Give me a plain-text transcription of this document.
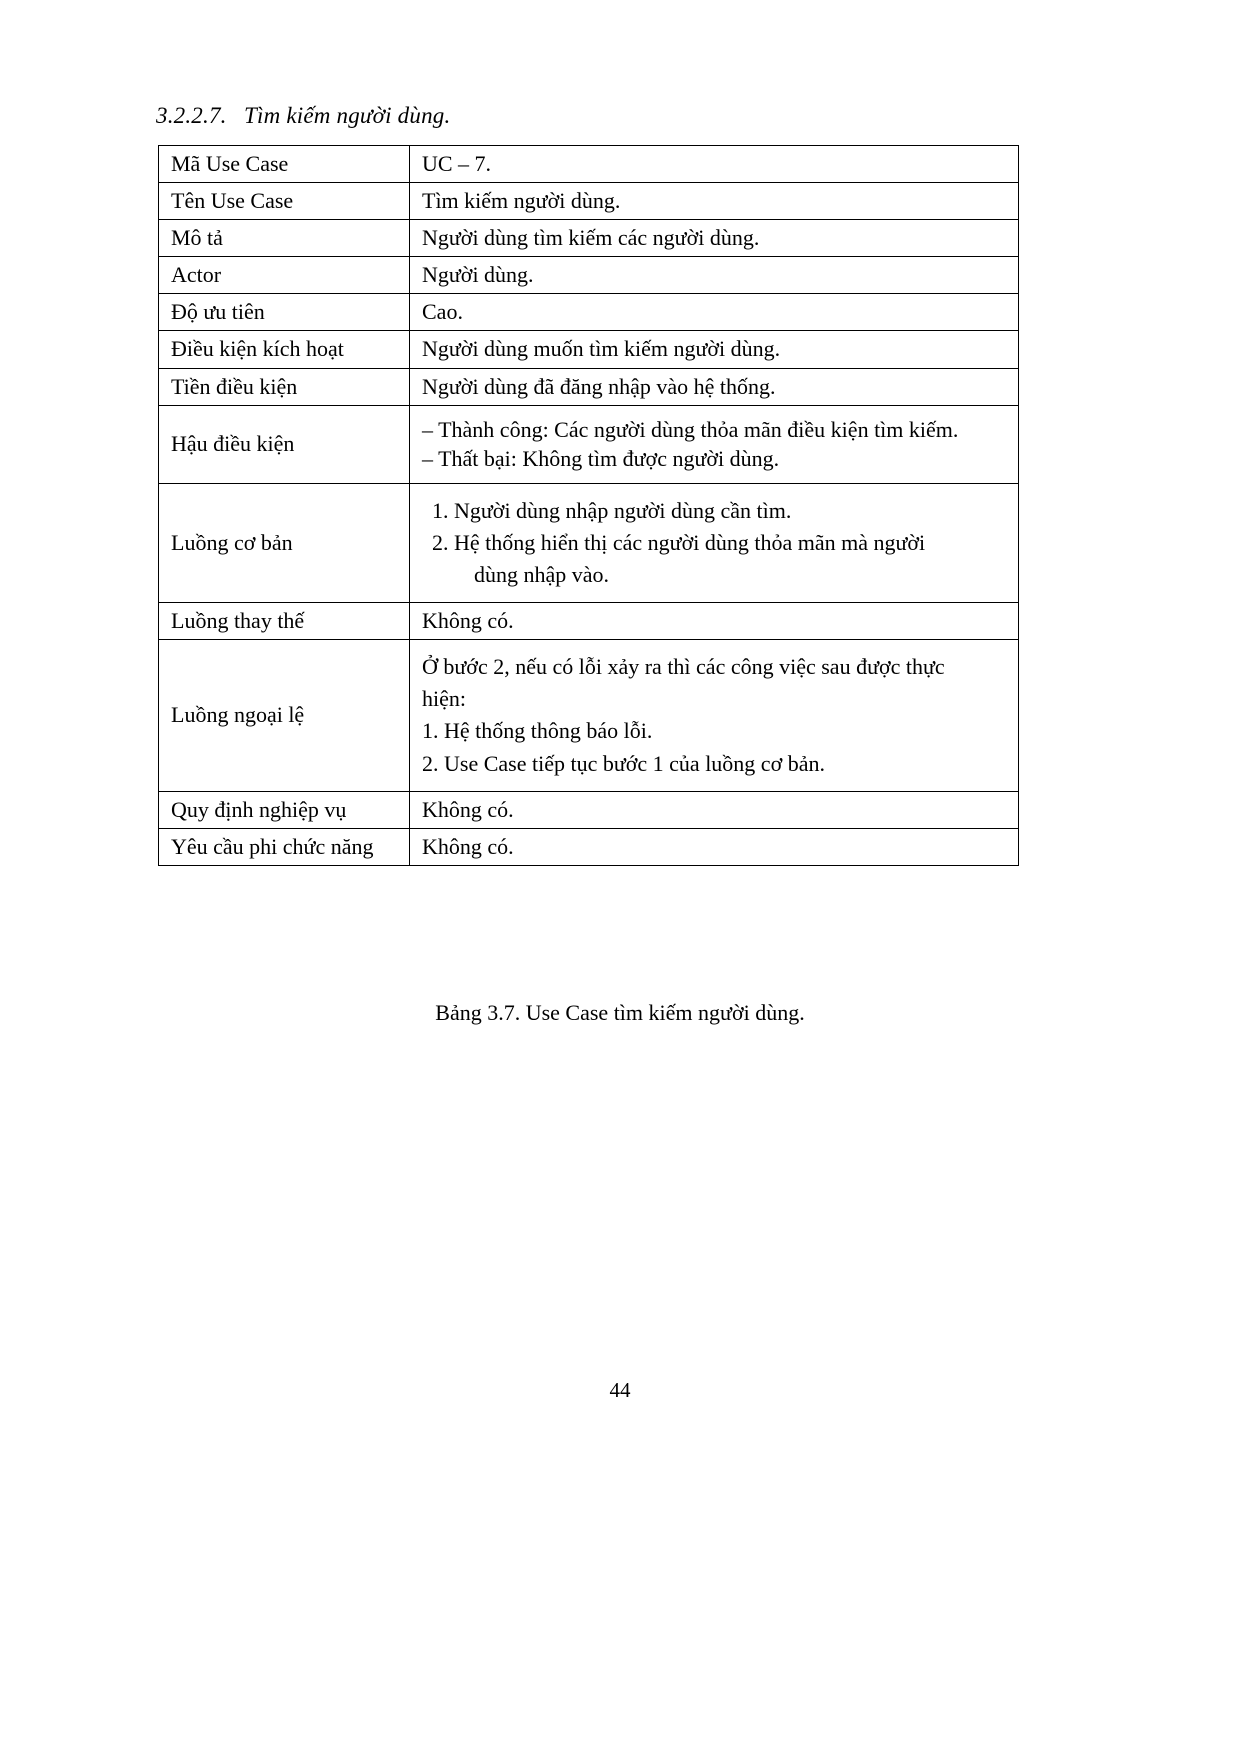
3.2.2.7. Tìm kiếm người dùng.
Mã Use Case	UC – 7.

Tên Use Case	Tìm kiếm người dùng.

Mô tả	Người dùng tìm kiếm các người dùng.

Actor	Người dùng.

Độ ưu tiên	Cao.

Điều kiện kích hoạt	Người dùng muốn tìm kiếm người dùng.

Tiền điều kiện	Người dùng đã đăng nhập vào hệ thống.

Hậu điều kiện	– Thành công: Các người dùng thỏa mãn điều kiện tìm kiếm.
– Thất bại: Không tìm được người dùng.

Luồng cơ bản	1. Người dùng nhập người dùng cần tìm.
2. Hệ thống hiển thị các người dùng thỏa mãn mà người
dùng nhập vào.

Luồng thay thế	Không có.

Luồng ngoại lệ	Ở bước 2, nếu có lỗi xảy ra thì các công việc sau được thực
hiện:
1. Hệ thống thông báo lỗi.
2. Use Case tiếp tục bước 1 của luồng cơ bản.

Quy định nghiệp vụ	Không có.

Yêu cầu phi chức năng	Không có.
Bảng 3.7. Use Case tìm kiếm người dùng.
44
